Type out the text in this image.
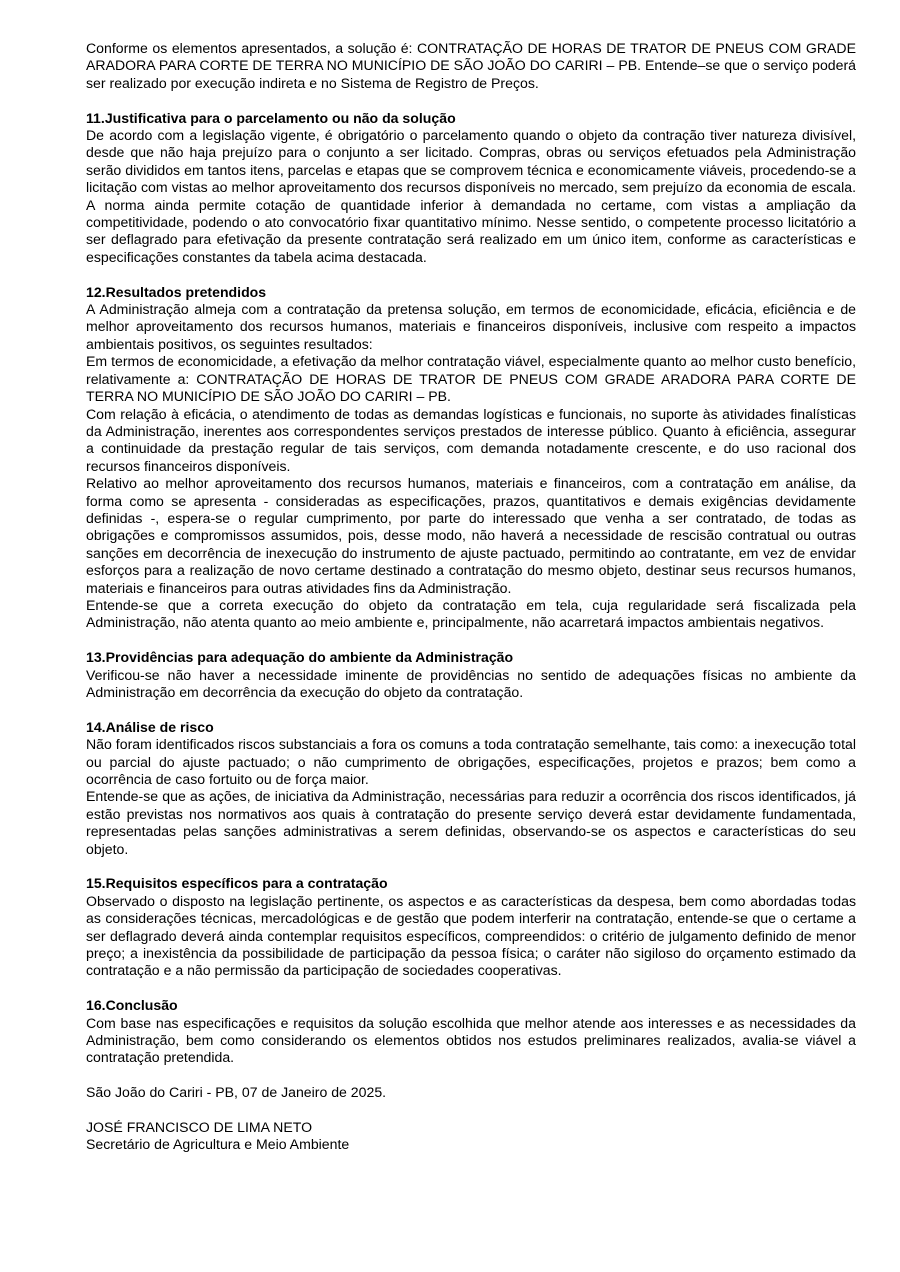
Conforme os elementos apresentados, a solução é: CONTRATAÇÃO DE HORAS DE TRATOR DE PNEUS COM GRADE ARADORA PARA CORTE DE TERRA NO MUNICÍPIO DE SÃO JOÃO DO CARIRI – PB. Entende–se que o serviço poderá ser realizado por execução indireta e no Sistema de Registro de Preços.

11.Justificativa para o parcelamento ou não da solução

De acordo com a legislação vigente, é obrigatório o parcelamento quando o objeto da contração tiver natureza divisível, desde que não haja prejuízo para o conjunto a ser licitado. Compras, obras ou serviços efetuados pela Administração serão divididos em tantos itens, parcelas e etapas que se comprovem técnica e economicamente viáveis, procedendo-se a licitação com vistas ao melhor aproveitamento dos recursos disponíveis no mercado, sem prejuízo da economia de escala. A norma ainda permite cotação de quantidade inferior à demandada no certame, com vistas a ampliação da competitividade, podendo o ato convocatório fixar quantitativo mínimo. Nesse sentido, o competente processo licitatório a ser deflagrado para efetivação da presente contratação será realizado em um único item, conforme as características e especificações constantes da tabela acima destacada.

12.Resultados pretendidos

A Administração almeja com a contratação da pretensa solução, em termos de economicidade, eficácia, eficiência e de melhor aproveitamento dos recursos humanos, materiais e financeiros disponíveis, inclusive com respeito a impactos ambientais positivos, os seguintes resultados:

Em termos de economicidade, a efetivação da melhor contratação viável, especialmente quanto ao melhor custo benefício, relativamente a: CONTRATAÇÃO DE HORAS DE TRATOR DE PNEUS COM GRADE ARADORA PARA CORTE DE TERRA NO MUNICÍPIO DE SÃO JOÃO DO CARIRI – PB.

Com relação à eficácia, o atendimento de todas as demandas logísticas e funcionais, no suporte às atividades finalísticas da Administração, inerentes aos correspondentes serviços prestados de interesse público. Quanto à eficiência, assegurar a continuidade da prestação regular de tais serviços, com demanda notadamente crescente, e do uso racional dos recursos financeiros disponíveis.

Relativo ao melhor aproveitamento dos recursos humanos, materiais e financeiros, com a contratação em análise, da forma como se apresenta - consideradas as especificações, prazos, quantitativos e demais exigências devidamente definidas -, espera-se o regular cumprimento, por parte do interessado que venha a ser contratado, de todas as obrigações e compromissos assumidos, pois, desse modo, não haverá a necessidade de rescisão contratual ou outras sanções em decorrência de inexecução do instrumento de ajuste pactuado, permitindo ao contratante, em vez de envidar esforços para a realização de novo certame destinado a contratação do mesmo objeto, destinar seus recursos humanos, materiais e financeiros para outras atividades fins da Administração.

Entende-se que a correta execução do objeto da contratação em tela, cuja regularidade será fiscalizada pela Administração, não atenta quanto ao meio ambiente e, principalmente, não acarretará impactos ambientais negativos.

13.Providências para adequação do ambiente da Administração

Verificou-se não haver a necessidade iminente de providências no sentido de adequações físicas no ambiente da Administração em decorrência da execução do objeto da contratação.

14.Análise de risco

Não foram identificados riscos substanciais a fora os comuns a toda contratação semelhante, tais como: a inexecução total ou parcial do ajuste pactuado; o não cumprimento de obrigações, especificações, projetos e prazos; bem como a ocorrência de caso fortuito ou de força maior.

Entende-se que as ações, de iniciativa da Administração, necessárias para reduzir a ocorrência dos riscos identificados, já estão previstas nos normativos aos quais à contratação do presente serviço deverá estar devidamente fundamentada, representadas pelas sanções administrativas a serem definidas, observando-se os aspectos e características do seu objeto.

15.Requisitos específicos para a contratação

Observado o disposto na legislação pertinente, os aspectos e as características da despesa, bem como abordadas todas as considerações técnicas, mercadológicas e de gestão que podem interferir na contratação, entende-se que o certame a ser deflagrado deverá ainda contemplar requisitos específicos, compreendidos: o critério de julgamento definido de menor preço; a inexistência da possibilidade de participação da pessoa física; o caráter não sigiloso do orçamento estimado da contratação e a não permissão da participação de sociedades cooperativas.

16.Conclusão

Com base nas especificações e requisitos da solução escolhida que melhor atende aos interesses e as necessidades da Administração, bem como considerando os elementos obtidos nos estudos preliminares realizados, avalia-se viável a contratação pretendida.

São João do Cariri - PB, 07 de Janeiro de 2025.

JOSÉ FRANCISCO DE LIMA NETO

Secretário de Agricultura e Meio Ambiente
